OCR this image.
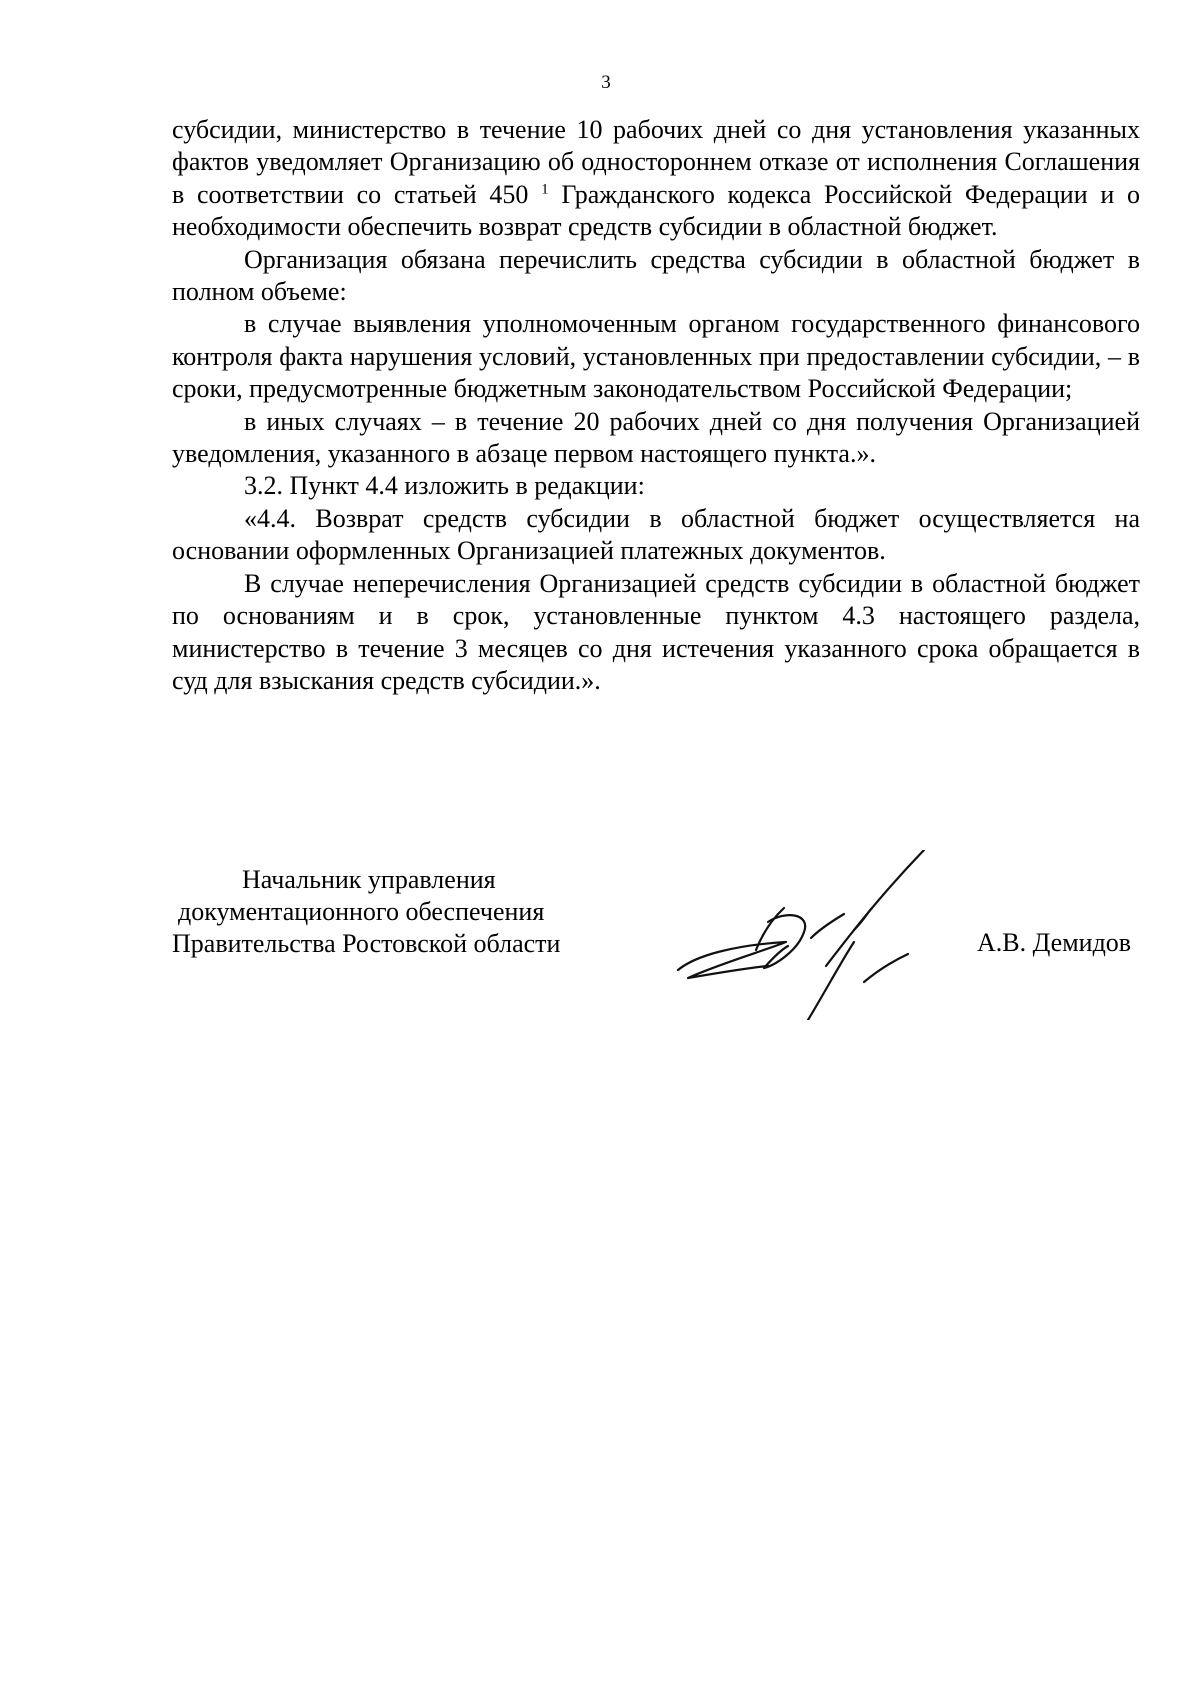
3

субсидии, министерство в течение 10 рабочих дней со дня установления указанных фактов уведомляет Организацию об одностороннем отказе от исполнения Соглашения в соответствии со статьей 450 $^1$ Гражданского кодекса Российской Федерации и о необходимости обеспечить возврат средств субсидии в областной бюджет.

Организация обязана перечислить средства субсидии в областной бюджет в полном объеме:

в случае выявления уполномоченным органом государственного финансового контроля факта нарушения условий, установленных при предоставлении субсидии, – в сроки, предусмотренные бюджетным законодательством Российской Федерации;

в иных случаях – в течение 20 рабочих дней со дня получения Организацией уведомления, указанного в абзаце первом настоящего пункта.».

3.2. Пункт 4.4 изложить в редакции:

«4.4. Возврат средств субсидии в областной бюджет осуществляется на основании оформленных Организацией платежных документов.

В случае неперечисления Организацией средств субсидии в областной бюджет по основаниям и в срок, установленные пунктом 4.3 настоящего раздела, министерство в течение 3 месяцев со дня истечения указанного срока обращается в суд для взыскания средств субсидии.».

Начальник управления
документационного обеспечения
Правительства Ростовской области	А.В. Демидов
